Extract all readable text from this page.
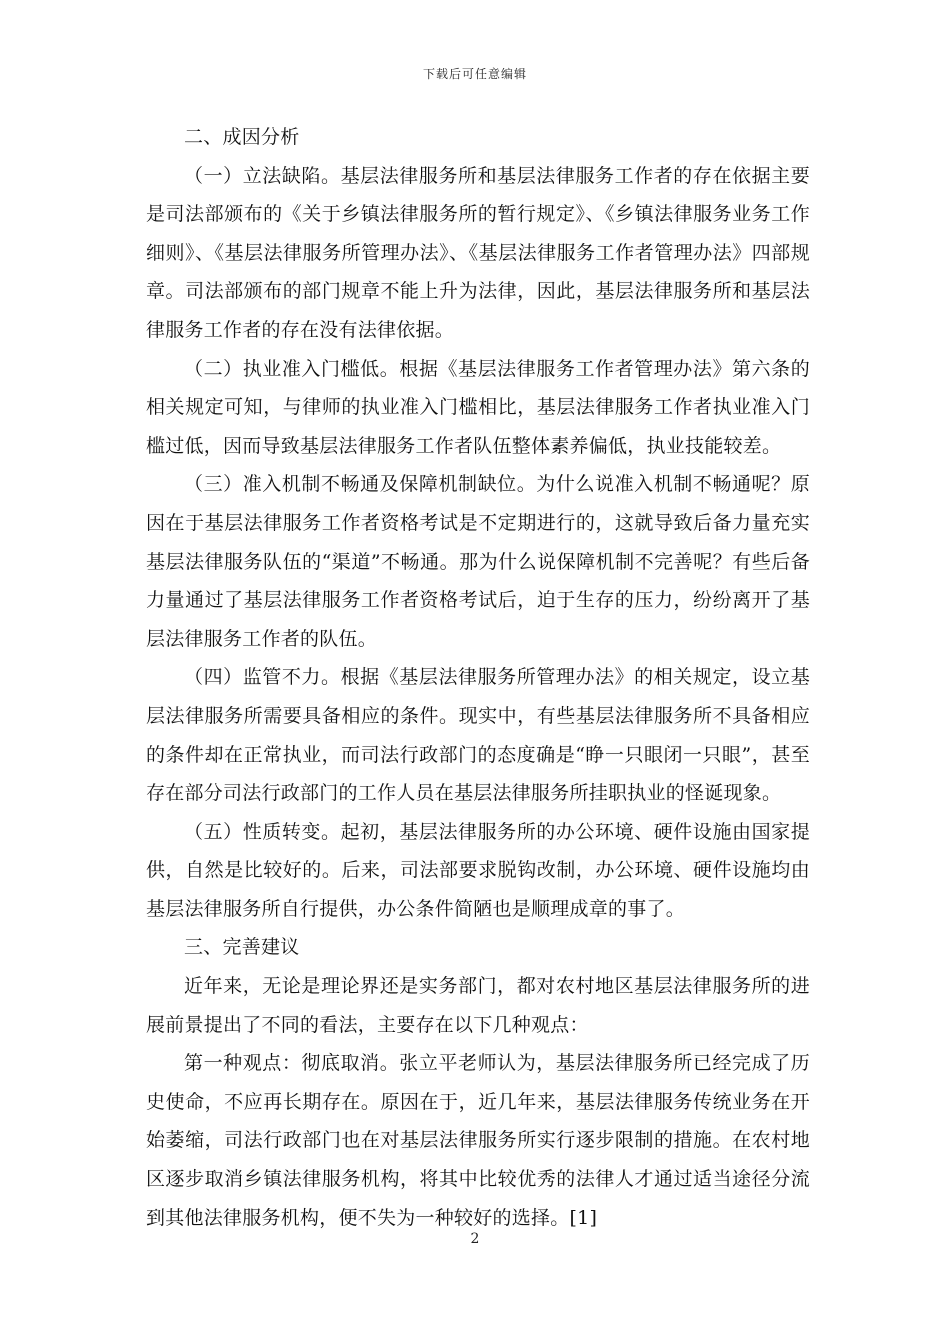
下载后可任意编辑

二、成因分析

（一）立法缺陷。基层法律服务所和基层法律服务工作者的存在依据主要是司法部颁布的《关于乡镇法律服务所的暂行规定》、《乡镇法律服务业务工作细则》、《基层法律服务所管理办法》、《基层法律服务工作者管理办法》四部规章。司法部颁布的部门规章不能上升为法律，因此，基层法律服务所和基层法律服务工作者的存在没有法律依据。

（二）执业准入门槛低。根据《基层法律服务工作者管理办法》第六条的相关规定可知，与律师的执业准入门槛相比，基层法律服务工作者执业准入门槛过低，因而导致基层法律服务工作者队伍整体素养偏低，执业技能较差。

（三）准入机制不畅通及保障机制缺位。为什么说准入机制不畅通呢？原因在于基层法律服务工作者资格考试是不定期进行的，这就导致后备力量充实基层法律服务队伍的“渠道”不畅通。那为什么说保障机制不完善呢？有些后备力量通过了基层法律服务工作者资格考试后，迫于生存的压力，纷纷离开了基层法律服务工作者的队伍。

（四）监管不力。根据《基层法律服务所管理办法》的相关规定，设立基层法律服务所需要具备相应的条件。现实中，有些基层法律服务所不具备相应的条件却在正常执业，而司法行政部门的态度确是“睁一只眼闭一只眼”，甚至存在部分司法行政部门的工作人员在基层法律服务所挂职执业的怪诞现象。

（五）性质转变。起初，基层法律服务所的办公环境、硬件设施由国家提供，自然是比较好的。后来，司法部要求脱钩改制，办公环境、硬件设施均由基层法律服务所自行提供，办公条件简陋也是顺理成章的事了。

三、完善建议

近年来，无论是理论界还是实务部门，都对农村地区基层法律服务所的进展前景提出了不同的看法，主要存在以下几种观点：

第一种观点：彻底取消。张立平老师认为，基层法律服务所已经完成了历史使命，不应再长期存在。原因在于，近几年来，基层法律服务传统业务在开始萎缩，司法行政部门也在对基层法律服务所实行逐步限制的措施。在农村地区逐步取消乡镇法律服务机构，将其中比较优秀的法律人才通过适当途径分流到其他法律服务机构，便不失为一种较好的选择。[1]

2
